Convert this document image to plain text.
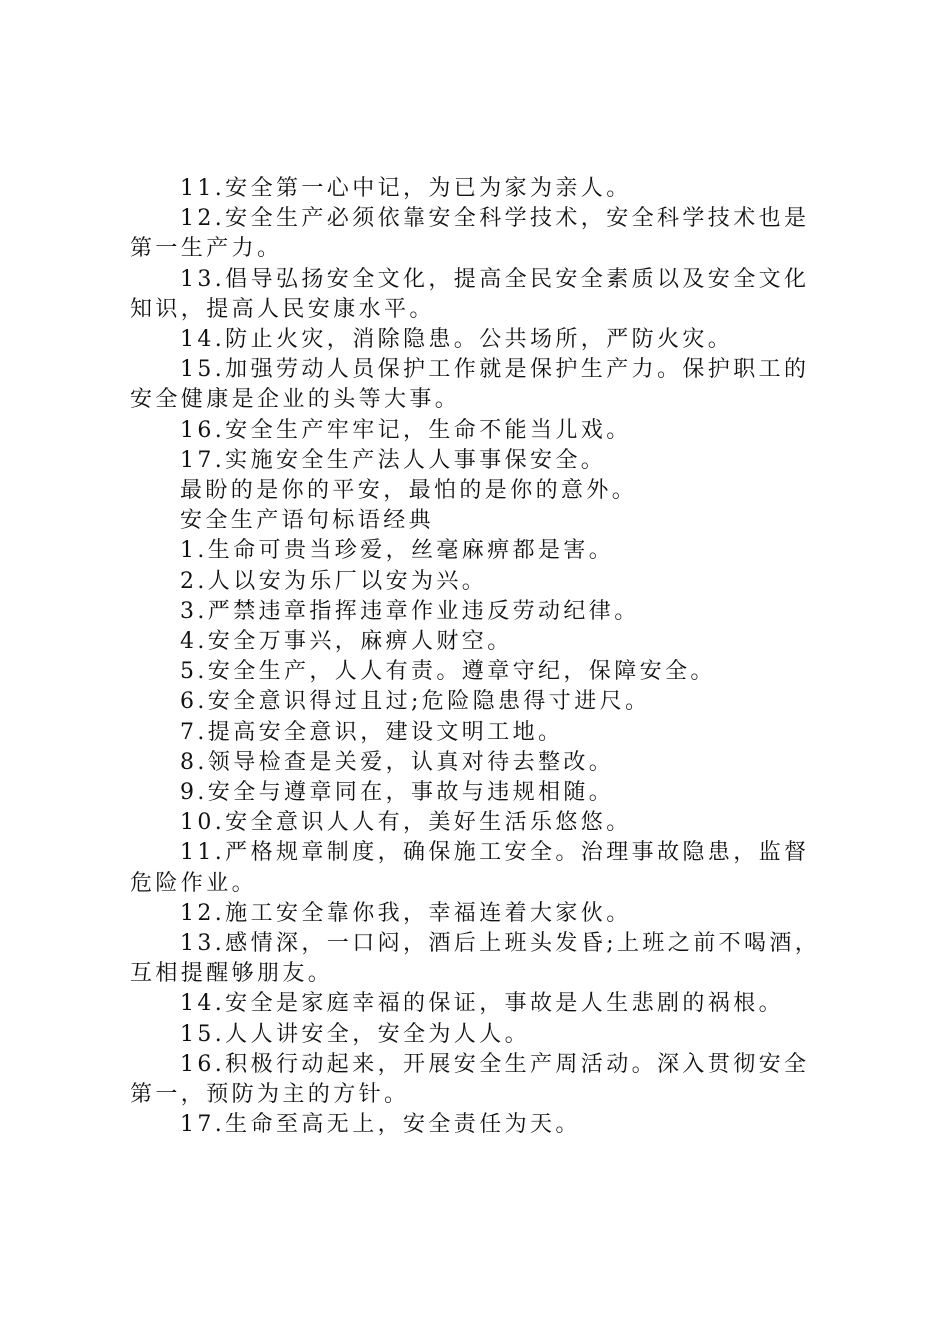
11.安全第一心中记，为已为家为亲人。

12.安全生产必须依靠安全科学技术，安全科学技术也是第一生产力。

13.倡导弘扬安全文化，提高全民安全素质以及安全文化知识，提高人民安康水平。

14.防止火灾，消除隐患。公共场所，严防火灾。

15.加强劳动人员保护工作就是保护生产力。保护职工的安全健康是企业的头等大事。

16.安全生产牢牢记，生命不能当儿戏。

17.实施安全生产法人人事事保安全。

最盼的是你的平安，最怕的是你的意外。

安全生产语句标语经典

1.生命可贵当珍爱，丝毫麻痹都是害。

2.人以安为乐厂以安为兴。

3.严禁违章指挥违章作业违反劳动纪律。

4.安全万事兴，麻痹人财空。

5.安全生产，人人有责。遵章守纪，保障安全。

6.安全意识得过且过;危险隐患得寸进尺。

7.提高安全意识，建设文明工地。

8.领导检查是关爱，认真对待去整改。

9.安全与遵章同在，事故与违规相随。

10.安全意识人人有，美好生活乐悠悠。

11.严格规章制度，确保施工安全。治理事故隐患，监督危险作业。

12.施工安全靠你我，幸福连着大家伙。

13.感情深，一口闷，酒后上班头发昏;上班之前不喝酒，互相提醒够朋友。

14.安全是家庭幸福的保证，事故是人生悲剧的祸根。

15.人人讲安全，安全为人人。

16.积极行动起来，开展安全生产周活动。深入贯彻安全第一，预防为主的方针。

17.生命至高无上，安全责任为天。
